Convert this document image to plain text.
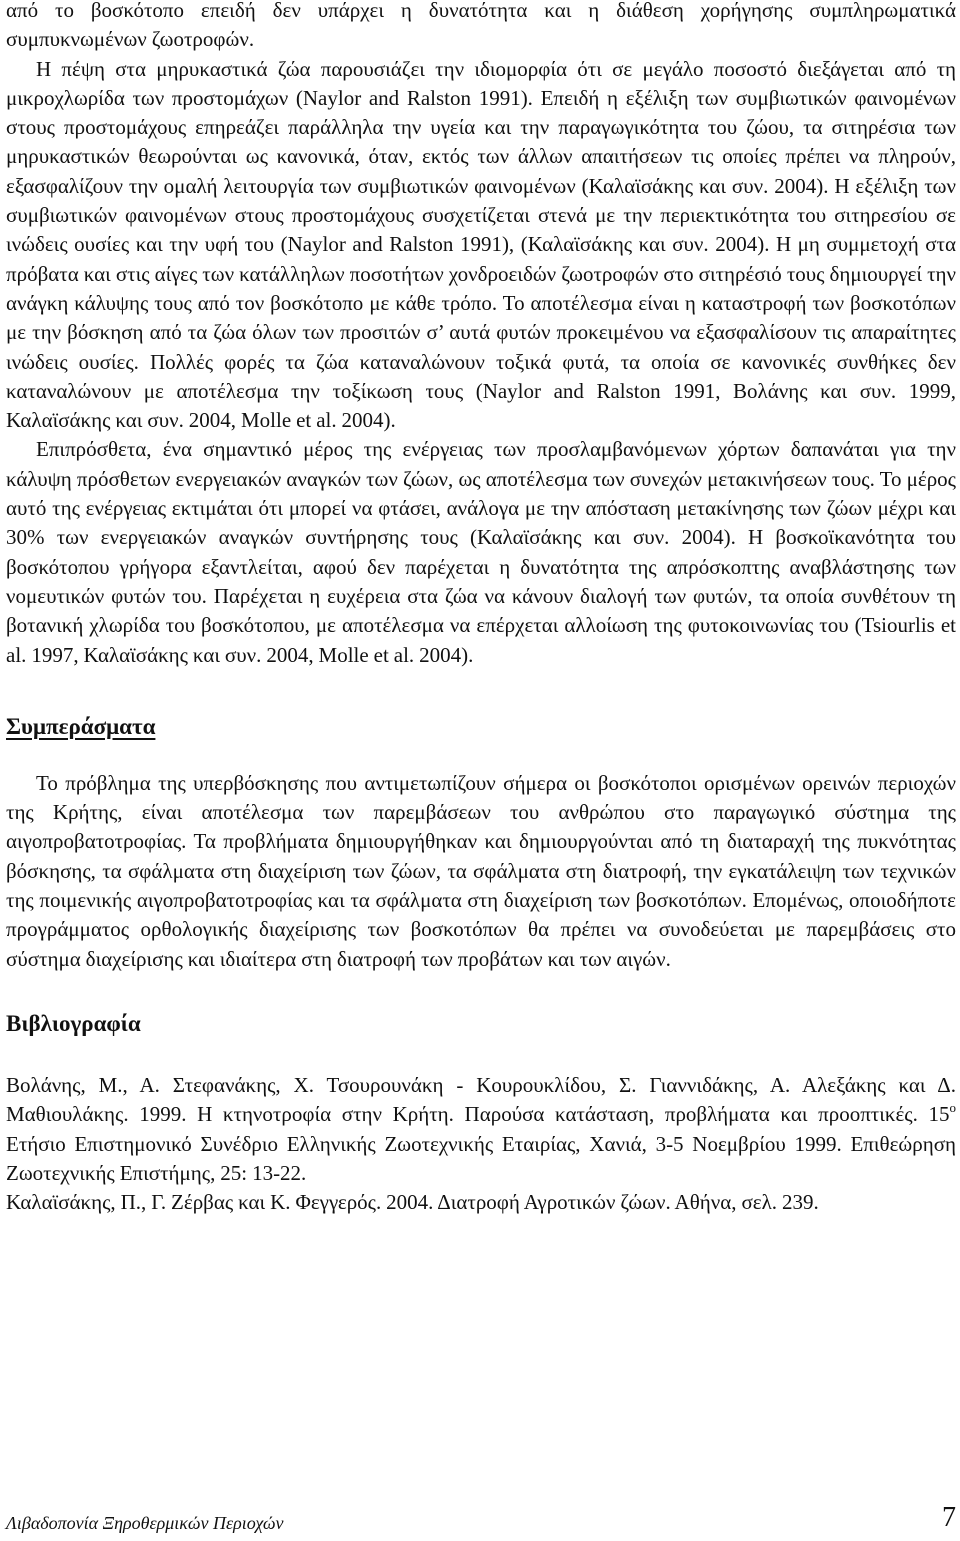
από το βοσκότοπο επειδή δεν υπάρχει η δυνατότητα και η διάθεση χορήγησης συμπληρωματικά συμπυκνωμένων ζωοτροφών.

Η πέψη στα μηρυκαστικά ζώα παρουσιάζει την ιδιομορφία ότι σε μεγάλο ποσοστό διεξάγεται από τη μικροχλωρίδα των προστομάχων (Naylor and Ralston 1991). Επειδή η εξέλιξη των συμβιωτικών φαινομένων στους προστομάχους επηρεάζει παράλληλα την υγεία και την παραγωγικότητα του ζώου, τα σιτηρέσια των μηρυκαστικών θεωρούνται ως κανονικά, όταν, εκτός των άλλων απαιτήσεων τις οποίες πρέπει να πληρούν, εξασφαλίζουν την ομαλή λειτουργία των συμβιωτικών φαινομένων (Καλαϊσάκης και συν. 2004). Η εξέλιξη των συμβιωτικών φαινομένων στους προστομάχους συσχετίζεται στενά με την περιεκτικότητα του σιτηρεσίου σε ινώδεις ουσίες και την υφή του (Naylor and Ralston 1991), (Καλαϊσάκης και συν. 2004). Η μη συμμετοχή στα πρόβατα και στις αίγες των κατάλληλων ποσοτήτων χονδροειδών ζωοτροφών στο σιτηρέσιό τους δημιουργεί την ανάγκη κάλυψης τους από τον βοσκότοπο με κάθε τρόπο. Το αποτέλεσμα είναι η καταστροφή των βοσκοτόπων με την βόσκηση από τα ζώα όλων των προσιτών σ’ αυτά φυτών προκειμένου να εξασφαλίσουν τις απαραίτητες ινώδεις ουσίες. Πολλές φορές τα ζώα καταναλώνουν τοξικά φυτά, τα οποία σε κανονικές συνθήκες δεν καταναλώνουν με αποτέλεσμα την τοξίκωση τους (Naylor and Ralston 1991, Βολάνης και συν. 1999, Καλαϊσάκης και συν. 2004, Molle et al. 2004).

Επιπρόσθετα, ένα σημαντικό μέρος της ενέργειας των προσλαμβανόμενων χόρτων δαπανάται για την κάλυψη πρόσθετων ενεργειακών αναγκών των ζώων, ως αποτέλεσμα των συνεχών μετακινήσεων τους. Το μέρος αυτό της ενέργειας εκτιμάται ότι μπορεί να φτάσει, ανάλογα με την απόσταση μετακίνησης των ζώων μέχρι και 30% των ενεργειακών αναγκών συντήρησης τους (Καλαϊσάκης και συν. 2004). Η βοσκοϊκανότητα του βοσκότοπου γρήγορα εξαντλείται, αφού δεν παρέχεται η δυνατότητα της απρόσκοπτης αναβλάστησης των νομευτικών φυτών του. Παρέχεται η ευχέρεια στα ζώα να κάνουν διαλογή των φυτών, τα οποία συνθέτουν τη βοτανική χλωρίδα του βοσκότοπου, με αποτέλεσμα να επέρχεται αλλοίωση της φυτοκοινωνίας του (Tsiourlis et al. 1997, Καλαϊσάκης και συν. 2004, Molle et al. 2004).

Συμπεράσματα

Το πρόβλημα της υπερβόσκησης που αντιμετωπίζουν σήμερα οι βοσκότοποι ορισμένων ορεινών περιοχών της Κρήτης, είναι αποτέλεσμα των παρεμβάσεων του ανθρώπου στο παραγωγικό σύστημα της αιγοπροβατοτροφίας. Τα προβλήματα δημιουργήθηκαν και δημιουργούνται από τη διαταραχή της πυκνότητας βόσκησης, τα σφάλματα στη διαχείριση των ζώων, τα σφάλματα στη διατροφή, την εγκατάλειψη των τεχνικών της ποιμενικής αιγοπροβατοτροφίας και τα σφάλματα στη διαχείριση των βοσκοτόπων. Επομένως, οποιοδήποτε προγράμματος ορθολογικής διαχείρισης των βοσκοτόπων θα πρέπει να συνοδεύεται με παρεμβάσεις στο σύστημα διαχείρισης και ιδιαίτερα στη διατροφή των προβάτων και των αιγών.

Βιβλιογραφία

Βολάνης, Μ., Α. Στεφανάκης, Χ. Τσουρουνάκη - Κουρουκλίδου, Σ. Γιαννιδάκης, Α. Αλεξάκης και Δ. Μαθιουλάκης. 1999. Η κτηνοτροφία στην Κρήτη. Παρούσα κατάσταση, προβλήματα και προοπτικές. $15^o$ Ετήσιο Επιστημονικό Συνέδριο Ελληνικής Ζωοτεχνικής Εταιρίας, Χανιά, 3-5 Νοεμβρίου 1999. Επιθεώρηση Ζωοτεχνικής Επιστήμης, 25: 13-22.

Καλαϊσάκης, Π., Γ. Ζέρβας και Κ. Φεγγερός. 2004. Διατροφή Αγροτικών ζώων. Αθήνα, σελ. 239.

Λιβαδοπονία Ξηροθερμικών Περιοχών	7
